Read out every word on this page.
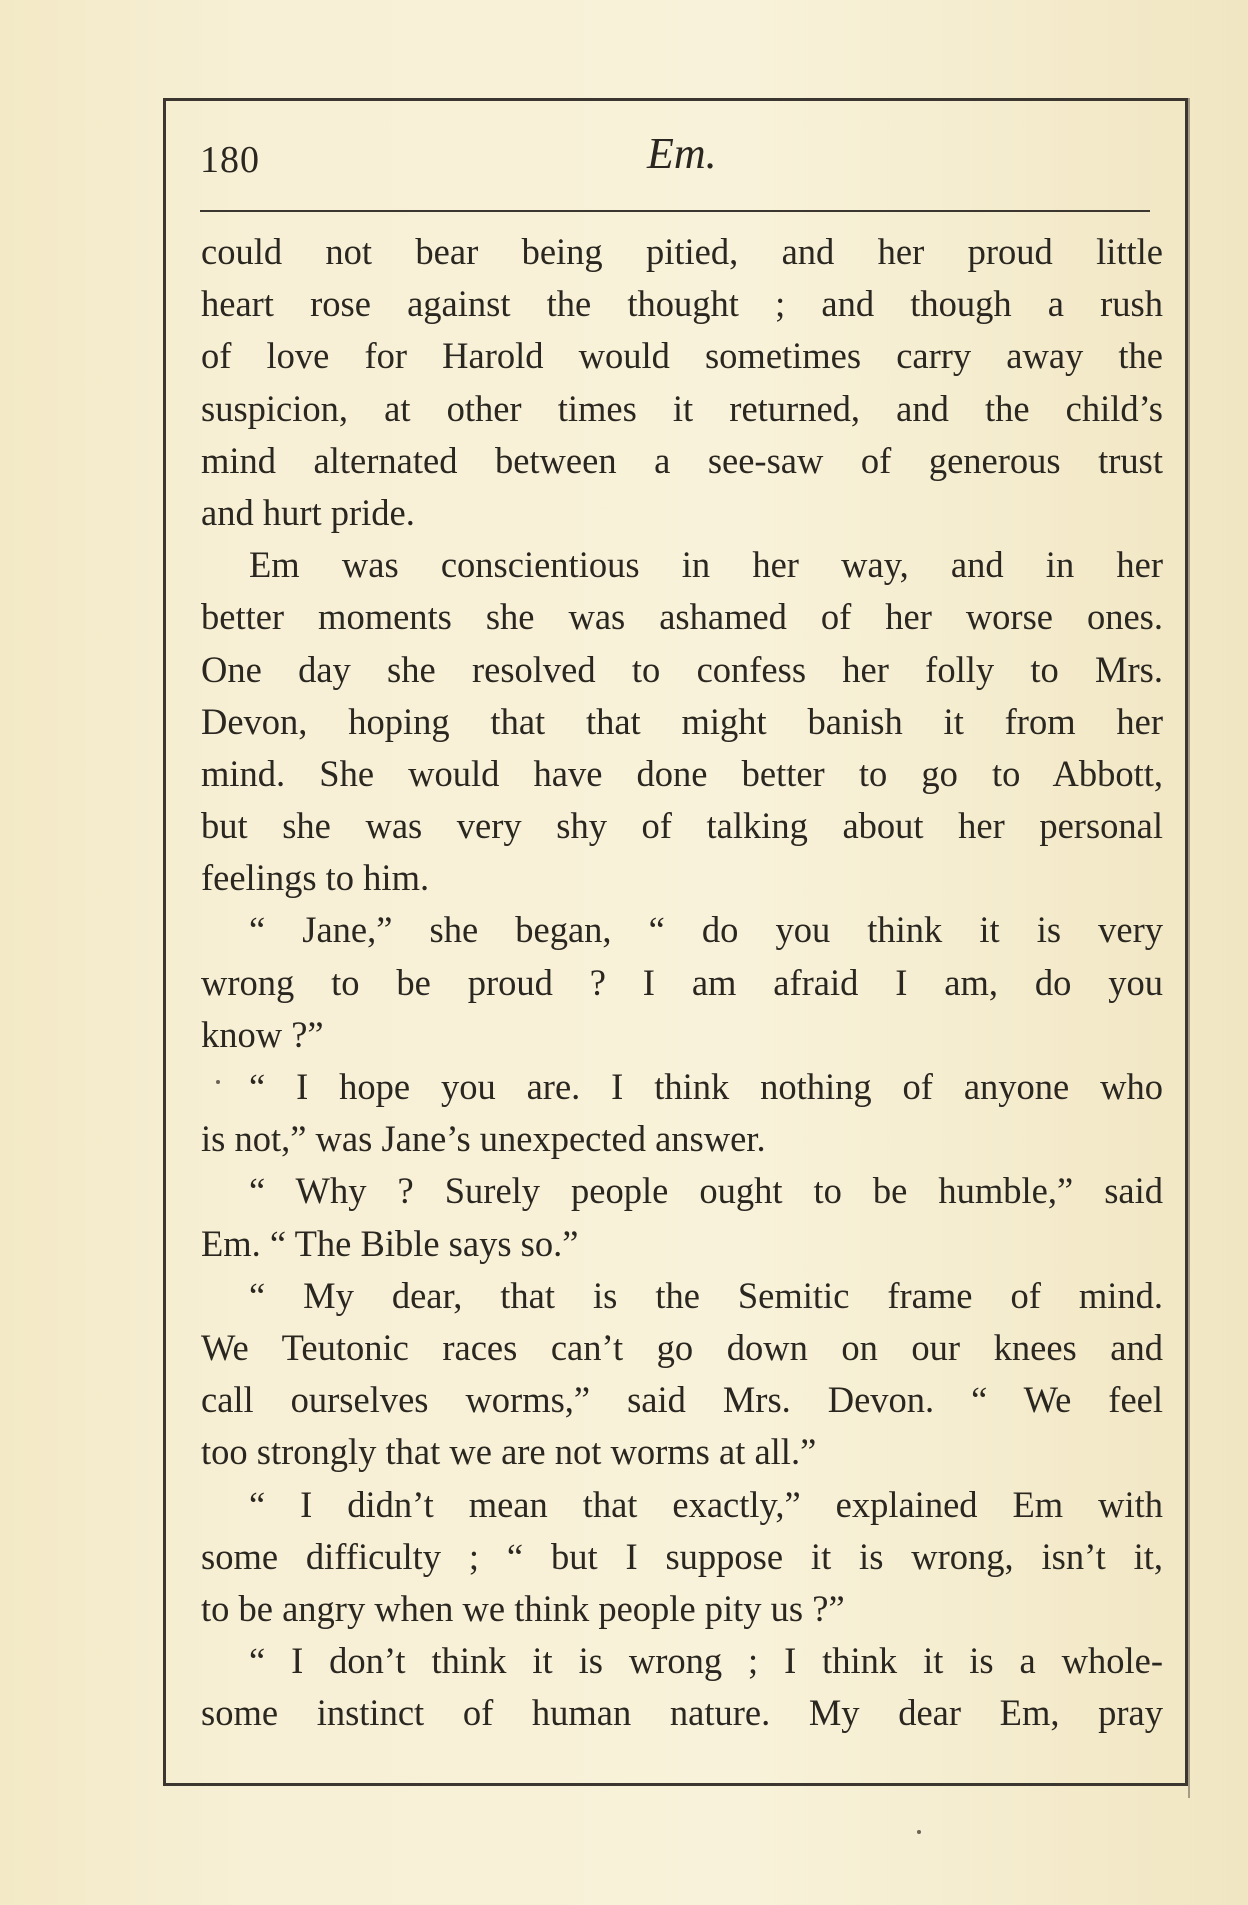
180	Em.
could not bear being pitied, and her proud little
heart rose against the thought ; and though a rush
of love for Harold would sometimes carry away the
suspicion, at other times it returned, and the child’s
mind alternated between a see-saw of generous trust
and hurt pride.
Em was conscientious in her way, and in her
better moments she was ashamed of her worse ones.
One day she resolved to confess her folly to Mrs.
Devon, hoping that that might banish it from her
mind. She would have done better to go to Abbott,
but she was very shy of talking about her personal
feelings to him.
“ Jane,” she began, “ do you think it is very
wrong to be proud ? I am afraid I am, do you
know ?”
“ I hope you are. I think nothing of anyone who
is not,” was Jane’s unexpected answer.
“ Why ? Surely people ought to be humble,” said
Em. “ The Bible says so.”
“ My dear, that is the Semitic frame of mind.
We Teutonic races can’t go down on our knees and
call ourselves worms,” said Mrs. Devon. “ We feel
too strongly that we are not worms at all.”
“ I didn’t mean that exactly,” explained Em with
some difficulty ; “ but I suppose it is wrong, isn’t it,
to be angry when we think people pity us ?”
“ I don’t think it is wrong ; I think it is a whole-
some instinct of human nature. My dear Em, pray
